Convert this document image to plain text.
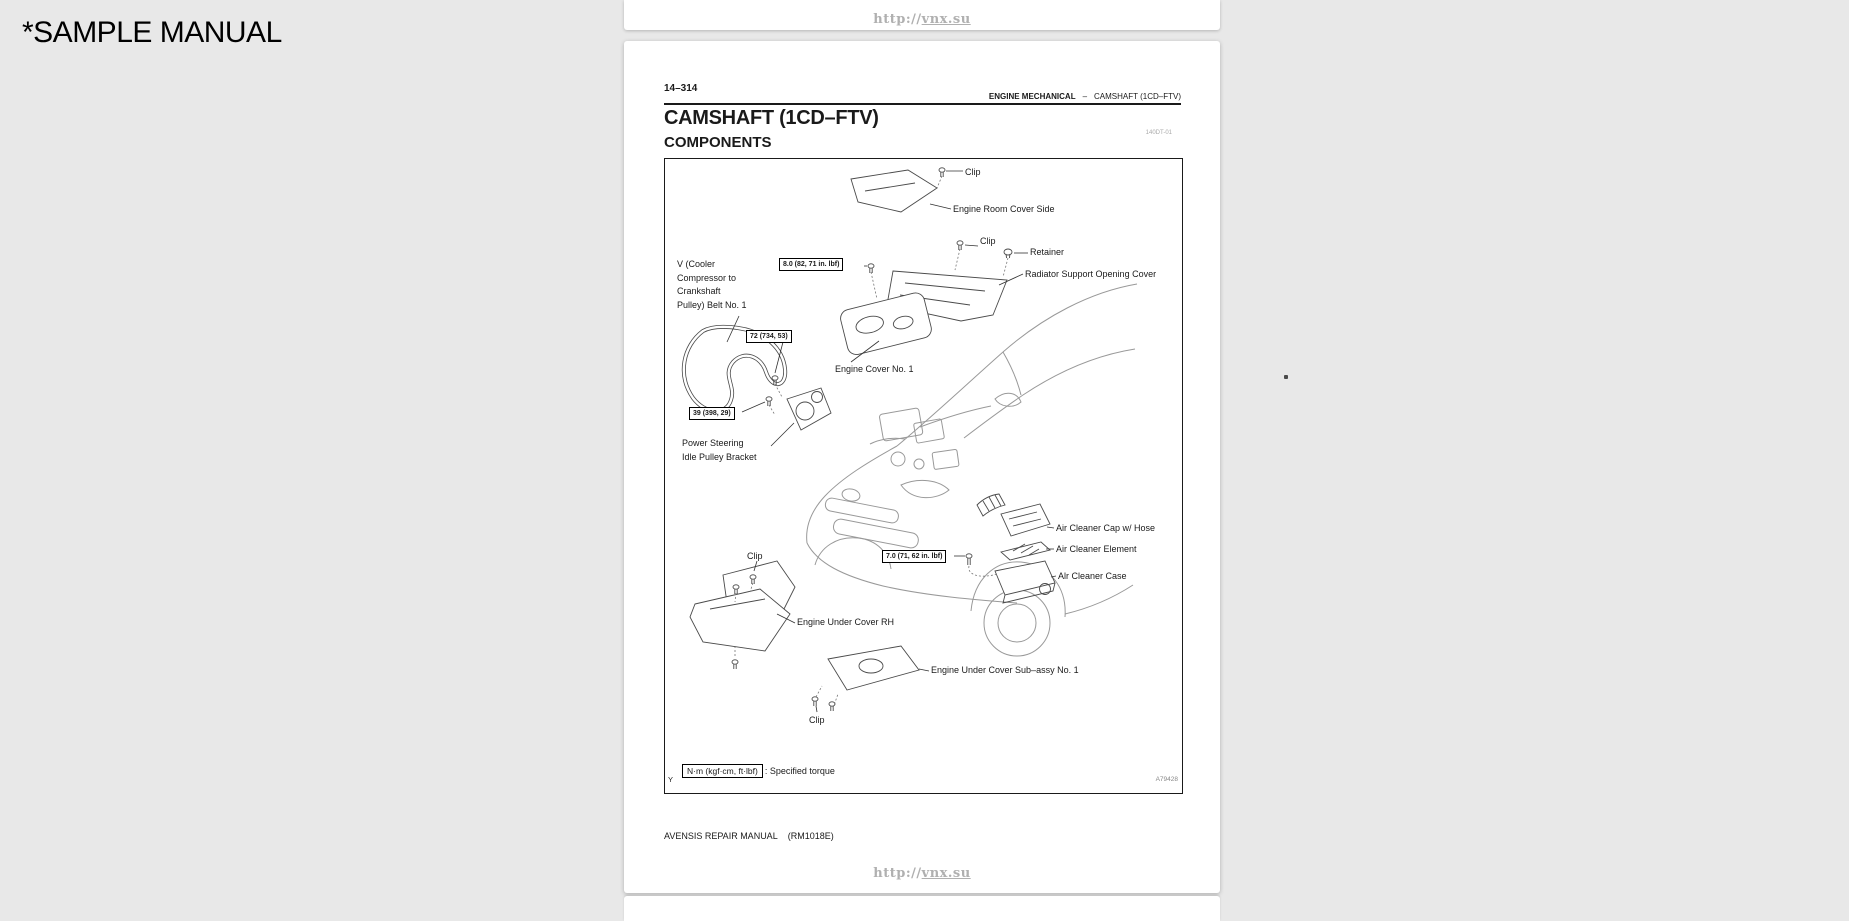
*SAMPLE MANUAL	http://vnx.su
14–314
ENGINE MECHANICAL – CAMSHAFT (1CD–FTV)
CAMSHAFT (1CD–FTV)
COMPONENTS
140DT-01
Clip
Engine Room Cover Side
Clip
Retainer
Radiator Support Opening Cover
V (Cooler
Compressor to
Crankshaft
Pulley) Belt No. 1
Engine Cover No. 1
Power Steering
Idle Pulley Bracket
Air Cleaner Cap w/ Hose
Air Cleaner Element
Alr Cleaner Case
Clip
Engine Under Cover RH
Engine Under Cover Sub–assy No. 1
Clip
8.0 (82, 71 in. lbf)
72 (734, 53)
39 (398, 29)
7.0 (71, 62 in. lbf)
Y
N·m (kgf·cm, ft·lbf) : Specified torque
A79428
AVENSIS REPAIR MANUAL (RM1018E)
http://vnx.su
